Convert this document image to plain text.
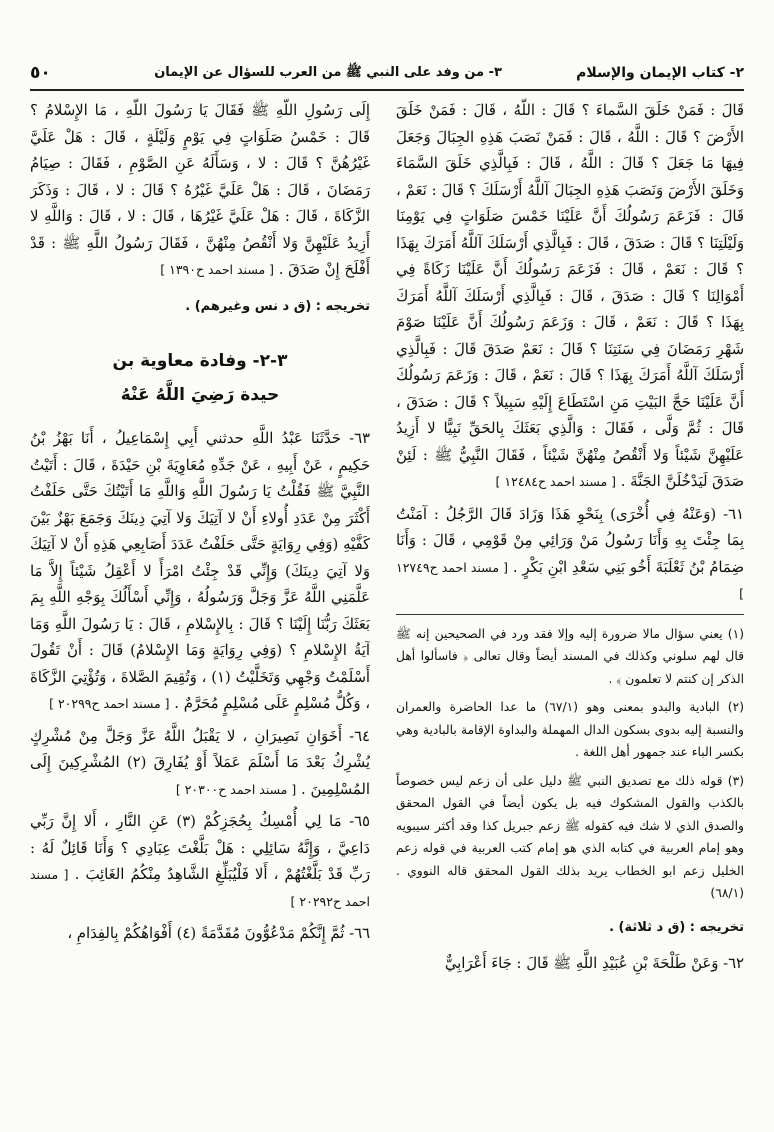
٢- كتاب الإيمان والإسلام
٣- من وفد على النبي ﷺ من العرب للسؤال عن الإيمان
٥٠

قَالَ : فَمَنْ خَلَقَ السَّماءَ ؟ قَالَ : اللَّهُ ، قَالَ : فَمَنْ خَلَقَ الأَرْضَ ؟ قَالَ : اللَّهُ ، قَالَ : فَمَنْ نَصَبَ هَذِهِ الجِبَالَ وَجَعَلَ فِيهَا مَا جَعَلَ ؟ قَالَ : اللَّهُ ، قَالَ : فَبِالَّذِي خَلَقَ السَّمَاءَ وَخَلَقَ الأَرْضَ وَنَصَبَ هَذِهِ الجِبَالَ آللَّهُ أَرْسَلَكَ ؟ قَالَ : نَعَمْ ، قَالَ : فَزَعَمَ رَسُولُكَ أَنَّ عَلَيْنَا خَمْسَ صَلَوَاتٍ فِي يَوْمِنَا وَلَيْلَتِنَا ؟ قَالَ : صَدَقَ ، قَالَ : فَبِالَّذِي أَرْسَلَكَ آللَّهُ أَمَرَكَ بِهَذَا ؟ قَالَ : نَعَمْ ، قَالَ : فَزَعَمَ رَسُولُكَ أَنَّ عَلَيْنَا زَكَاةً فِي أَمْوَالِنَا ؟ قَالَ : صَدَقَ ، قَالَ : فَبِالَّذِي أَرْسَلَكَ آللَّهُ أَمَرَكَ بِهَذَا ؟ قَالَ : نَعَمْ ، قَالَ : وَزَعَمَ رَسُولُكَ أَنَّ عَلَيْنَا صَوْمَ شَهْرِ رَمَضَانَ فِي سَنَتِنَا ؟ قَالَ : نَعَمْ صَدَقَ قَالَ : فَبِالَّذِي أَرْسَلَكَ آللَّهُ أَمَرَكَ بِهَذَا ؟ قَالَ : نَعَمْ ، قَالَ : وَزَعَمَ رَسُولُكَ أَنَّ عَلَيْنَا حَجَّ البَيْتِ مَنِ اسْتَطَاعَ إِلَيْهِ سَبِيلاً ؟ قَالَ : صَدَقَ ، قَالَ : ثُمَّ وَلَّى ، فَقَالَ : وَالَّذِي بَعَثَكَ بِالحَقِّ نَبِيًّا لا أَزِيدُ عَلَيْهِنَّ شَيْئاً وَلا أَنْقُصُ مِنْهُنَّ شَيْئاً ، فَقَالَ النَّبِيُّ ﷺ : لَئِنْ صَدَقَ لَيَدْخُلَنَّ الجَنَّةَ . [ مسند احمد ح١٢٤٨٤ ]

٦١- (وَعَنْهُ فِي أُخْرَى) بِنَحْوِ هَذَا وَزَادَ قَالَ الرَّجُلُ : آمَنْتُ بِمَا جِئْتَ بِهِ وَأَنَا رَسُولُ مَنْ وَرَائِي مِنْ قَوْمِي ، قَالَ : وَأَنَا ضِمَامُ بْنُ ثَعْلَبَةَ أَخُو بَنِي سَعْدِ ابْنِ بَكْرٍ . [ مسند احمد ح١٢٧٤٩ ]

(١) يعني سؤال مالا ضرورة إليه وإلا فقد ورد في الصحيحين إنه ﷺ قال لهم سلوني وكذلك في المسند أيضاً وقال تعالى ﴿ فاسألوا أهل الذكر إن كنتم لا تعلمون ﴾ .

(٢) البادية والبدو بمعنى وهو (٦٧/١) ما عدا الحاضرة والعمران والنسبة إليه بدوى بسكون الدال المهملة والبداوة الإقامة بالبادية وهي بكسر الباء عند جمهور أهل اللغة .

(٣) قوله ذلك مع تصديق النبي ﷺ دليل على أن زعم ليس خصوصاً بالكذب والقول المشكوك فيه بل يكون أيضاً في القول المحقق والصدق الذي لا شك فيه كقوله ﷺ زعم جبريل كذا وقد أكثر سيبويه وهو إمام العربية في كتابه الذي هو إمام كتب العربية في قوله زعم الخليل زعم ابو الخطاب يريد بذلك القول المحقق قاله النووي . (٦٨/١)

تخريجه : (ق د ثلاثة) .

٦٢- وَعَنْ طَلْحَةَ بْنِ عُبَيْدِ اللَّهِ ﷺ قَالَ : جَاءَ أَعْرَابِيٌّ

إِلَى رَسُولِ اللَّهِ ﷺ فَقَالَ يَا رَسُولَ اللَّهِ ، مَا الإِسْلامُ ؟ قَالَ : خَمْسُ صَلَوَاتٍ فِي يَوْمٍ وَلَيْلَةٍ ، قَالَ : هَلْ عَلَيَّ غَيْرُهُنَّ ؟ قَالَ : لا ، وَسَأَلَهُ عَنِ الصَّوْمِ ، فَقَالَ : صِيَامُ رَمَضَانَ ، قَالَ : هَلْ عَلَيَّ غَيْرُهُ ؟ قَالَ : لا ، قَالَ : وَذَكَرَ الزَّكَاةَ ، قَالَ : هَلْ عَلَيَّ غَيْرُهَا ، قَالَ : لا ، قَالَ : وَاللَّهِ لا أَزِيدُ عَلَيْهِنَّ وَلا أَنْقُصُ مِنْهُنَّ ، فَقَالَ رَسُولُ اللَّهِ ﷺ : قَدْ أَفْلَحَ إِنْ صَدَقَ . [ مسند احمد ح١٣٩٠ ]

تخريجه : (ق د نس وغيرهم) .
٣-٢- وفادة معاوية بن
حيدة رَضِيَ اللَّهُ عَنْهُ

٦٣- حَدَّثَنَا عَبْدُ اللَّهِ حدثني أَبِي إِسْمَاعِيلُ ، أَنَا بَهْزُ بْنُ حَكِيمٍ ، عَنْ أَبِيهِ ، عَنْ جَدِّهِ مُعَاوِيَةَ بْنِ حَيْدَةَ ، قَالَ : أَتَيْتُ النَّبِيَّ ﷺ فَقُلْتُ يَا رَسُولَ اللَّهِ وَاللَّهِ مَا أَتَيْتُكَ حَتَّى حَلَفْتُ أَكْثَرَ مِنْ عَدَدِ أُولاءِ أَنْ لا آتِيَكَ وَلا آتِيَ دِينَكَ وَجَمَعَ بَهْزٌ بَيْنَ كَفَّيْهِ (وَفِي رِوَايَةٍ حَتَّى حَلَفْتُ عَدَدَ أَصَابِعِي هَذِهِ أَنْ لا آتِيَكَ وَلا آتِيَ دِينَكَ) وَإِنِّي قَدْ جِئْتُ امْرَأً لا أَعْقِلُ شَيْئاً إِلاَّ مَا عَلَّمَنِي اللَّهُ عَزَّ وَجَلَّ وَرَسُولُهُ ، وَإِنِّي أَسْأَلُكَ بِوَجْهِ اللَّهِ بِمَ بَعَثَكَ رَبُّنَا إِلَيْنَا ؟ قَالَ : بِالإِسْلامِ ، قَالَ : يَا رَسُولَ اللَّهِ وَمَا آيَةُ الإِسْلامِ ؟ (وَفِي رِوَايَةٍ وَمَا الإِسْلامُ) قَالَ : أَنْ تَقُولَ أَسْلَمْتُ وَجْهِي وَتَخَلَّيْتُ (١) ، وَتُقِيمَ الصَّلاةَ ، وَتُؤْتِيَ الزَّكَاةَ ، وَكُلُّ مُسْلِمٍ عَلَى مُسْلِمٍ مُحَرَّمٌ . [ مسند احمد ح٢٠٢٩٩ ]

٦٤- أَخَوَانِ نَصِيرَانِ ، لا يَقْبَلُ اللَّهُ عَزَّ وَجَلَّ مِنْ مُشْرِكٍ يُشْرِكُ بَعْدَ مَا أَسْلَمَ عَمَلاً أَوْ يُفَارِقَ (٢) المُشْرِكِينَ إِلَى المُسْلِمِينَ . [ مسند احمد ح٢٠٣٠٠ ]

٦٥- مَا لِي أُمْسِكُ بِحُجَزِكُمْ (٣) عَنِ النَّارِ ، أَلا إِنَّ رَبِّي دَاعِيَّ ، وَإِنَّهُ سَائِلِي : هَلْ بَلَّغْتَ عِبَادِي ؟ وَأَنَا قَائِلٌ لَهُ : رَبِّ قَدْ بَلَّغْتُهُمْ ، أَلا فَلْيُبَلِّغِ الشَّاهِدُ مِنْكُمُ الغَائِبَ . [ مسند احمد ح٢٠٢٩٢ ]

٦٦- ثُمَّ إِنَّكُمْ مَدْعُوُّونَ مُقَدَّمَةً (٤) أَفْوَاهُكُمْ بِالفِدَامِ ،
